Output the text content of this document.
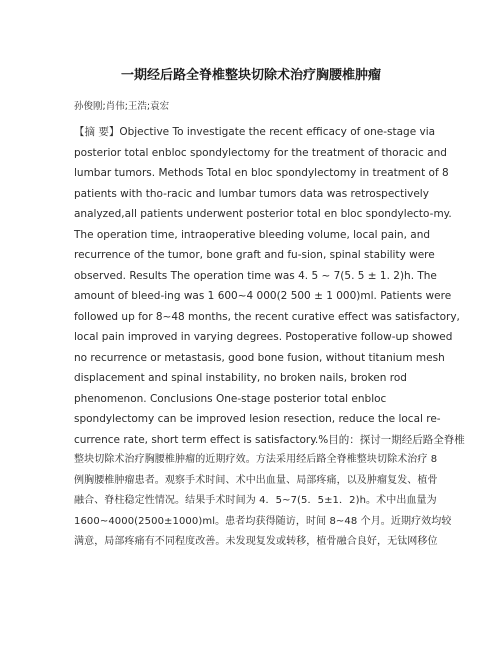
一期经后路全脊椎整块切除术治疗胸腰椎肿瘤
孙俊刚;肖伟;王浩;袁宏
【摘 要】Objective To investigate the recent efficacy of one-stage via
posterior total enbloc spondylectomy for the treatment of thoracic and
lumbar tumors. Methods Total en bloc spondylectomy in treatment of 8
patients with tho-racic and lumbar tumors data was retrospectively
analyzed,all patients underwent posterior total en bloc spondylecto-my.
The operation time, intraoperative bleeding volume, local pain, and
recurrence of the tumor, bone graft and fu-sion, spinal stability were
observed. Results The operation time was 4. 5 ~ 7(5. 5 ± 1. 2)h. The
amount of bleed-ing was 1 600~4 000(2 500 ± 1 000)ml. Patients were
followed up for 8~48 months, the recent curative effect was satisfactory,
local pain improved in varying degrees. Postoperative follow-up showed
no recurrence or metastasis, good bone fusion, without titanium mesh
displacement and spinal instability, no broken nails, broken rod
phenomenon. Conclusions One-stage posterior total enbloc
spondylectomy can be improved lesion resection, reduce the local re-
currence rate, short term effect is satisfactory.%目的：探讨一期经后路全脊椎
整块切除术治疗胸腰椎肿瘤的近期疗效。方法采用经后路全脊椎整块切除术治疗 8
例胸腰椎肿瘤患者。观察手术时间、术中出血量、局部疼痛，以及肿瘤复发、植骨
融合、脊柱稳定性情况。结果手术时间为 4．5~7(5．5±1．2)h。术中出血量为
1600~4000(2500±1000)ml。患者均获得随访，时间 8~48 个月。近期疗效均较
满意，局部疼痛有不同程度改善。未发现复发或转移，植骨融合良好，无钛网移位
